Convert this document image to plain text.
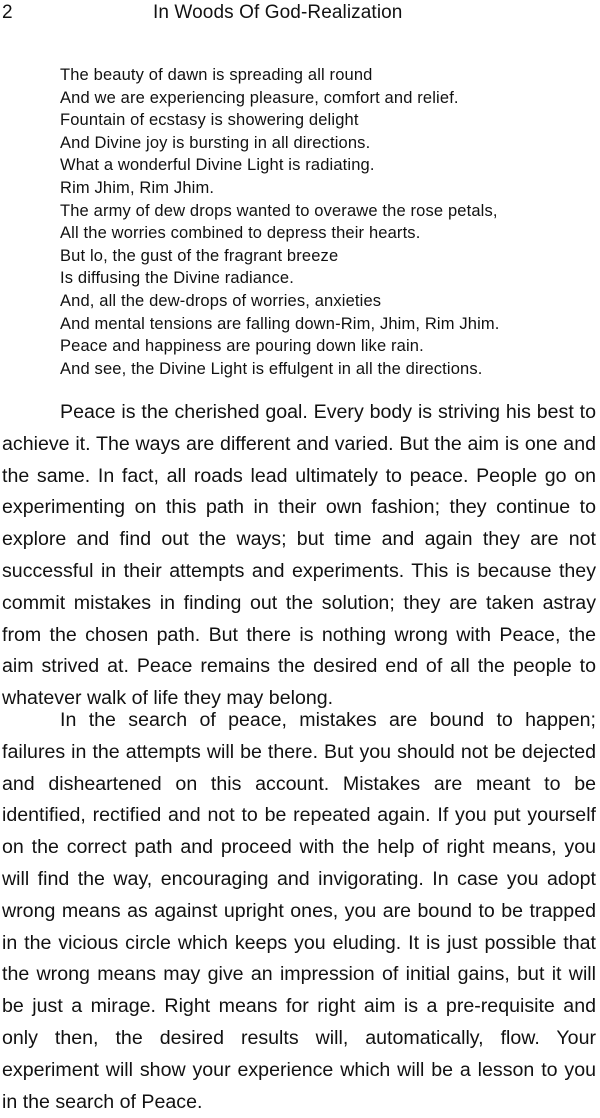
2	In Woods Of God-Realization
The beauty of dawn is spreading all round
And we are experiencing pleasure, comfort and relief.
Fountain of ecstasy is showering delight
And Divine joy is bursting in all directions.
What a wonderful Divine Light is radiating.
Rim Jhim, Rim Jhim.
The army of dew drops wanted to overawe the rose petals,
All the worries combined to depress their hearts.
But lo, the gust of the fragrant breeze
Is diffusing the Divine radiance.
And, all the dew-drops of worries, anxieties
And mental tensions are falling down-Rim, Jhim, Rim Jhim.
Peace and happiness are pouring down like rain.
And see, the Divine Light is effulgent in all the directions.

Peace is the cherished goal. Every body is striving his best to achieve it. The ways are different and varied. But the aim is one and the same. In fact, all roads lead ultimately to peace. People go on experimenting on this path in their own fashion; they continue to explore and find out the ways; but time and again they are not successful in their attempts and experiments. This is because they commit mistakes in finding out the solution; they are taken astray from the chosen path. But there is nothing wrong with Peace, the aim strived at. Peace remains the desired end of all the people to whatever walk of life they may belong.

In the search of peace, mistakes are bound to happen; failures in the attempts will be there. But you should not be dejected and disheartened on this account. Mistakes are meant to be identified, rectified and not to be repeated again. If you put yourself on the correct path and proceed with the help of right means, you will find the way, encouraging and invigorating. In case you adopt wrong means as against upright ones, you are bound to be trapped in the vicious circle which keeps you eluding. It is just possible that the wrong means may give an impression of initial gains, but it will be just a mirage. Right means for right aim is a pre-requisite and only then, the desired results will, automatically, flow. Your experiment will show your experience which will be a lesson to you in the search of Peace.
